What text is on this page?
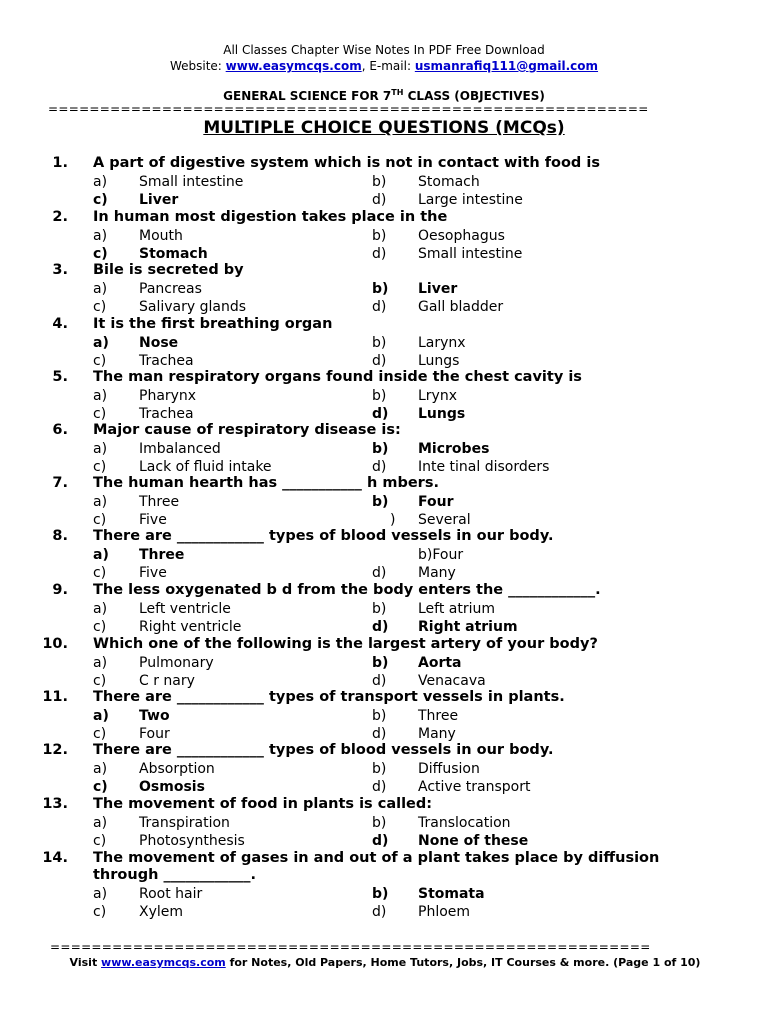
All Classes Chapter Wise Notes In PDF Free Download
Website: www.easymcqs.com, E-mail: usmanrafiq111@gmail.com
GENERAL SCIENCE FOR 7TH CLASS (OBJECTIVES)
==========================================================
MULTIPLE CHOICE QUESTIONS (MCQs)
1. A part of digestive system which is not in contact with food is
a)	Small intestine	b)	Stomach
c)	Liver	d)	Large intestine
2. In human most digestion takes place in the
a)	Mouth	b)	Oesophagus
c)	Stomach	d)	Small intestine
3. Bile is secreted by
a)	Pancreas	b)	Liver
c)	Salivary glands	d)	Gall bladder
4. It is the first breathing organ
a)	Nose	b)	Larynx
c)	Trachea	d)	Lungs
5. The man respiratory organs found inside the chest cavity is
a)	Pharynx	b)	Lrynx
c)	Trachea	d)	Lungs
6. Major cause of respiratory disease is:
a)	Imbalanced	b)	Microbes
c)	Lack of fluid intake	d)	Inte tinal disorders
7. The human hearth has ___________ h mbers.
a)	Three	b)	Four
c)	Five	)	Several
8. There are ____________ types of blood vessels in our body.
a)	Three	b)Four
c)	Five	d)	Many
9. The less oxygenated b d from the body enters the ____________.
a)	Left ventricle	b)	Left atrium
c)	Right ventricle	d)	Right atrium
10. Which one of the following is the largest artery of your body?
a)	Pulmonary	b)	Aorta
c)	C r nary	d)	Venacava
11. There are ____________ types of transport vessels in plants.
a)	Two	b)	Three
c)	Four	d)	Many
12. There are ____________ types of blood vessels in our body.
a)	Absorption	b)	Diffusion
c)	Osmosis	d)	Active transport
13. The movement of food in plants is called:
a)	Transpiration	b)	Translocation
c)	Photosynthesis	d)	None of these
14. The movement of gases in and out of a plant takes place by diffusion
through ____________.
a)	Root hair	b)	Stomata
c)	Xylem	d)	Phloem
==========================================================
Visit www.easymcqs.com for Notes, Old Papers, Home Tutors, Jobs, IT Courses & more. (Page 1 of 10)
